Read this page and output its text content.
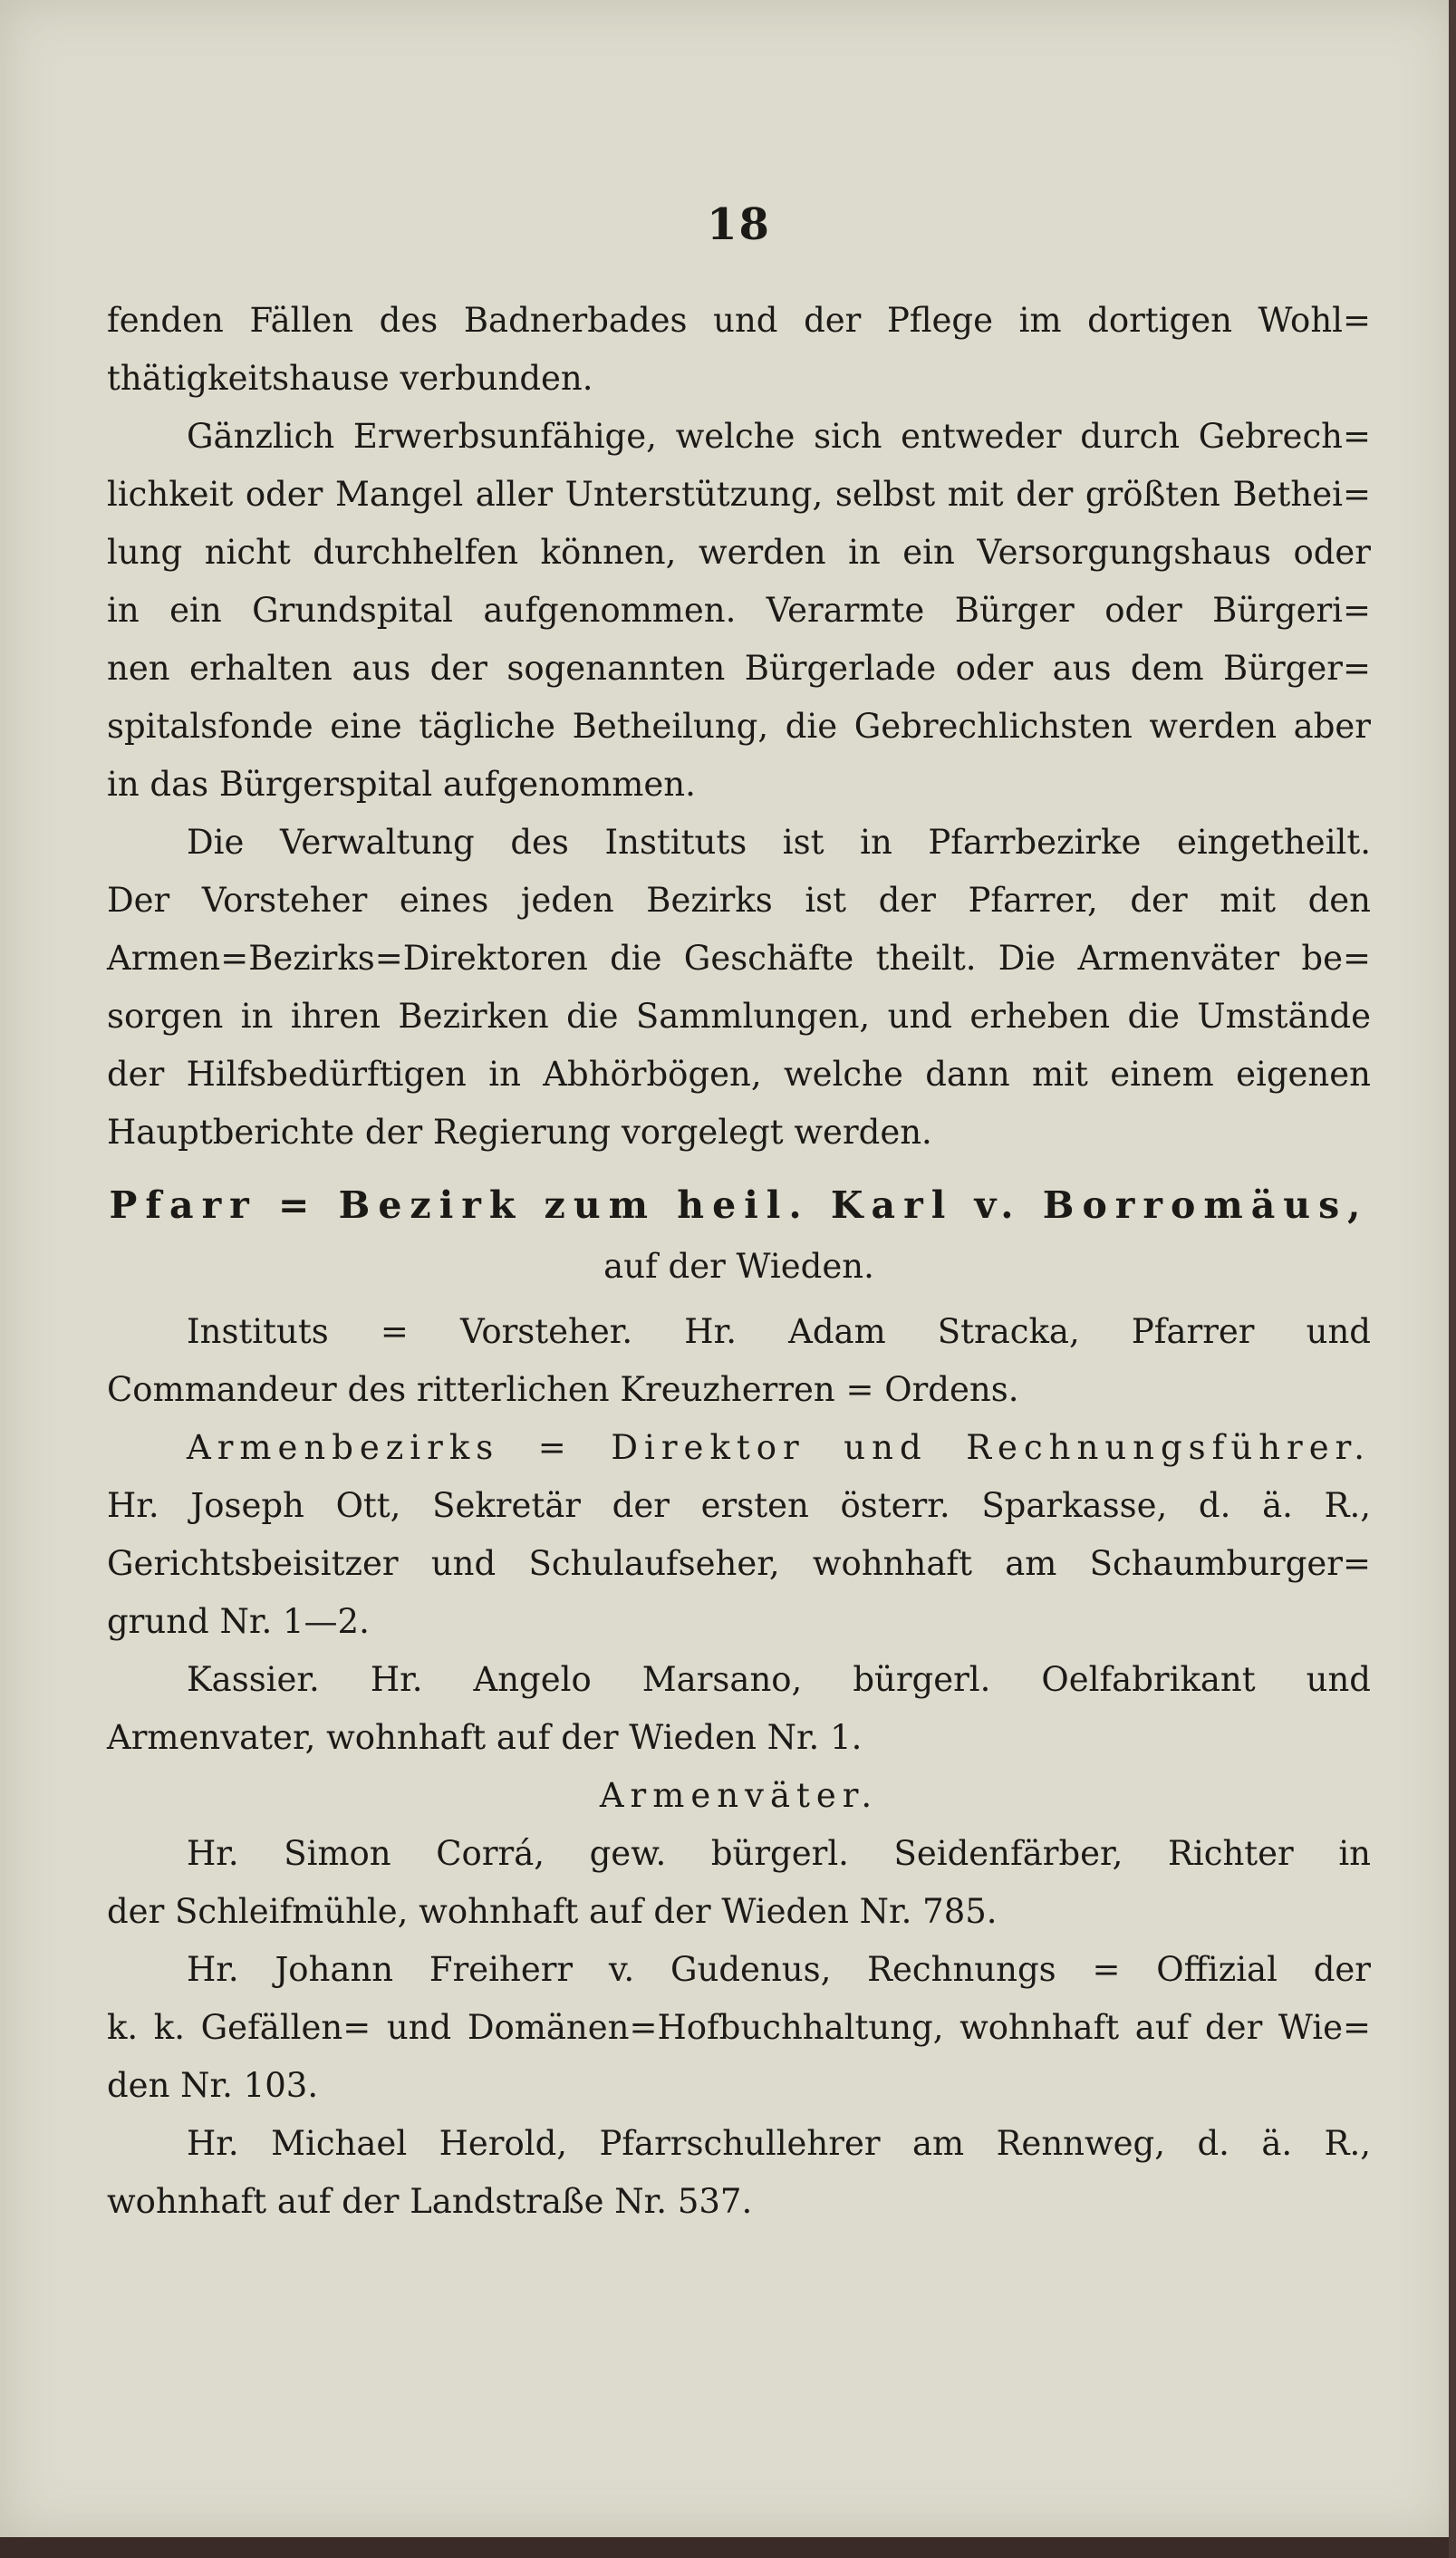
18
fenden Fällen des Badnerbades und der Pflege im dortigen Wohl=
thätigkeitshause verbunden.
Gänzlich Erwerbsunfähige, welche sich entweder durch Gebrech=
lichkeit oder Mangel aller Unterstützung, selbst mit der größten Bethei=
lung nicht durchhelfen können, werden in ein Versorgungshaus oder
in ein Grundspital aufgenommen. Verarmte Bürger oder Bürgeri=
nen erhalten aus der sogenannten Bürgerlade oder aus dem Bürger=
spitalsfonde eine tägliche Betheilung, die Gebrechlichsten werden aber
in das Bürgerspital aufgenommen.
Die Verwaltung des Instituts ist in Pfarrbezirke eingetheilt.
Der Vorsteher eines jeden Bezirks ist der Pfarrer, der mit den
Armen=Bezirks=Direktoren die Geschäfte theilt. Die Armenväter be=
sorgen in ihren Bezirken die Sammlungen, und erheben die Umstände
der Hilfsbedürftigen in Abhörbögen, welche dann mit einem eigenen
Hauptberichte der Regierung vorgelegt werden.
Pfarr = Bezirk zum heil. Karl v. Borromäus,
auf der Wieden.
Instituts = Vorsteher. Hr. Adam Stracka, Pfarrer und
Commandeur des ritterlichen Kreuzherren = Ordens.
Armenbezirks = Direktor und Rechnungsführer.
Hr. Joseph Ott, Sekretär der ersten österr. Sparkasse, d. ä. R.,
Gerichtsbeisitzer und Schulaufseher, wohnhaft am Schaumburger=
grund Nr. 1—2.
Kassier. Hr. Angelo Marsano, bürgerl. Oelfabrikant und
Armenvater, wohnhaft auf der Wieden Nr. 1.
Armenväter.
Hr. Simon Corrá, gew. bürgerl. Seidenfärber, Richter in
der Schleifmühle, wohnhaft auf der Wieden Nr. 785.
Hr. Johann Freiherr v. Gudenus, Rechnungs = Offizial der
k. k. Gefällen= und Domänen=Hofbuchhaltung, wohnhaft auf der Wie=
den Nr. 103.
Hr. Michael Herold, Pfarrschullehrer am Rennweg, d. ä. R.,
wohnhaft auf der Landstraße Nr. 537.
